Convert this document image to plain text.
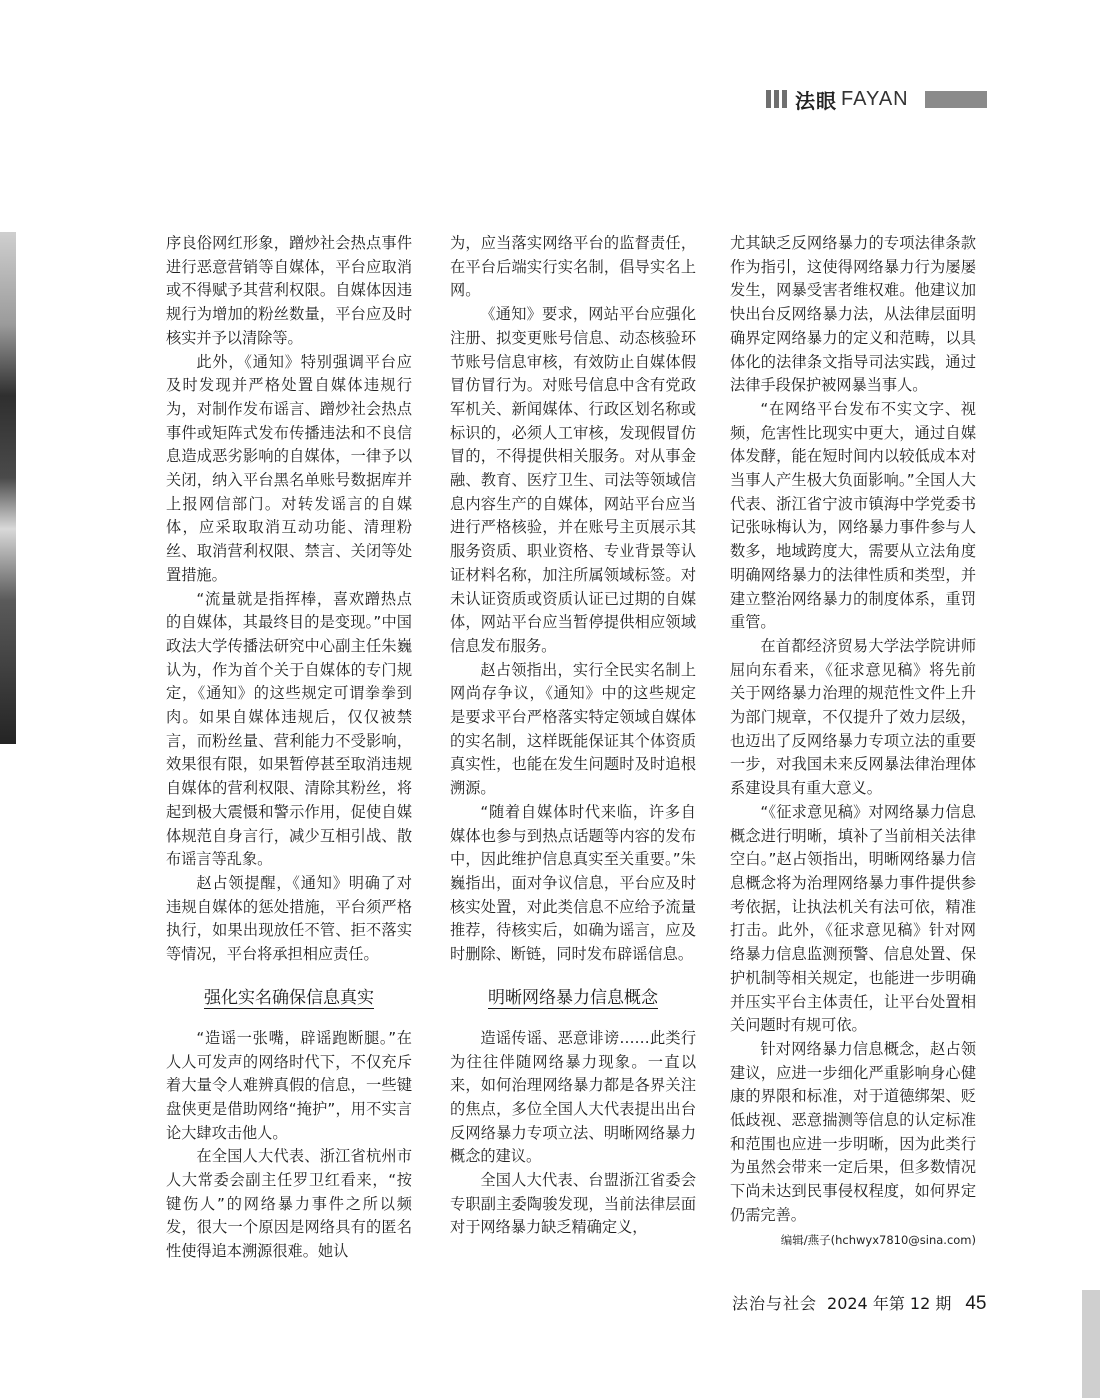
法眼 FAYAN

序良俗网红形象，蹭炒社会热点事件进行恶意营销等自媒体，平台应取消或不得赋予其营利权限。自媒体因违规行为增加的粉丝数量，平台应及时核实并予以清除等。

此外，《通知》特别强调平台应及时发现并严格处置自媒体违规行为，对制作发布谣言、蹭炒社会热点事件或矩阵式发布传播违法和不良信息造成恶劣影响的自媒体，一律予以关闭，纳入平台黑名单账号数据库并上报网信部门。对转发谣言的自媒体，应采取取消互动功能、清理粉丝、取消营利权限、禁言、关闭等处置措施。

“流量就是指挥棒，喜欢蹭热点的自媒体，其最终目的是变现。”中国政法大学传播法研究中心副主任朱巍认为，作为首个关于自媒体的专门规定，《通知》的这些规定可谓拳拳到肉。如果自媒体违规后，仅仅被禁言，而粉丝量、营利能力不受影响，效果很有限，如果暂停甚至取消违规自媒体的营利权限、清除其粉丝，将起到极大震慑和警示作用，促使自媒体规范自身言行，减少互相引战、散布谣言等乱象。

赵占领提醒，《通知》明确了对违规自媒体的惩处措施，平台须严格执行，如果出现放任不管、拒不落实等情况，平台将承担相应责任。

强化实名确保信息真实

“造谣一张嘴，辟谣跑断腿。”在人人可发声的网络时代下，不仅充斥着大量令人难辨真假的信息，一些键盘侠更是借助网络“掩护”，用不实言论大肆攻击他人。

在全国人大代表、浙江省杭州市人大常委会副主任罗卫红看来，“按键伤人”的网络暴力事件之所以频发，很大一个原因是网络具有的匿名性使得追本溯源很难。她认

为，应当落实网络平台的监督责任，在平台后端实行实名制，倡导实名上网。

《通知》要求，网站平台应强化注册、拟变更账号信息、动态核验环节账号信息审核，有效防止自媒体假冒仿冒行为。对账号信息中含有党政军机关、新闻媒体、行政区划名称或标识的，必须人工审核，发现假冒仿冒的，不得提供相关服务。对从事金融、教育、医疗卫生、司法等领域信息内容生产的自媒体，网站平台应当进行严格核验，并在账号主页展示其服务资质、职业资格、专业背景等认证材料名称，加注所属领域标签。对未认证资质或资质认证已过期的自媒体，网站平台应当暂停提供相应领域信息发布服务。

赵占领指出，实行全民实名制上网尚存争议，《通知》中的这些规定是要求平台严格落实特定领域自媒体的实名制，这样既能保证其个体资质真实性，也能在发生问题时及时追根溯源。

“随着自媒体时代来临，许多自媒体也参与到热点话题等内容的发布中，因此维护信息真实至关重要。”朱巍指出，面对争议信息，平台应及时核实处置，对此类信息不应给予流量推荐，待核实后，如确为谣言，应及时删除、断链，同时发布辟谣信息。

明晰网络暴力信息概念

造谣传谣、恶意诽谤……此类行为往往伴随网络暴力现象。一直以来，如何治理网络暴力都是各界关注的焦点，多位全国人大代表提出出台反网络暴力专项立法、明晰网络暴力概念的建议。

全国人大代表、台盟浙江省委会专职副主委陶骏发现，当前法律层面对于网络暴力缺乏精确定义，

尤其缺乏反网络暴力的专项法律条款作为指引，这使得网络暴力行为屡屡发生，网暴受害者维权难。他建议加快出台反网络暴力法，从法律层面明确界定网络暴力的定义和范畴，以具体化的法律条文指导司法实践，通过法律手段保护被网暴当事人。

“在网络平台发布不实文字、视频，危害性比现实中更大，通过自媒体发酵，能在短时间内以较低成本对当事人产生极大负面影响。”全国人大代表、浙江省宁波市镇海中学党委书记张咏梅认为，网络暴力事件参与人数多，地域跨度大，需要从立法角度明确网络暴力的法律性质和类型，并建立整治网络暴力的制度体系，重罚重管。

在首都经济贸易大学法学院讲师屈向东看来，《征求意见稿》将先前关于网络暴力治理的规范性文件上升为部门规章，不仅提升了效力层级，也迈出了反网络暴力专项立法的重要一步，对我国未来反网暴法律治理体系建设具有重大意义。

“《征求意见稿》对网络暴力信息概念进行明晰，填补了当前相关法律空白。”赵占领指出，明晰网络暴力信息概念将为治理网络暴力事件提供参考依据，让执法机关有法可依，精准打击。此外，《征求意见稿》针对网络暴力信息监测预警、信息处置、保护机制等相关规定，也能进一步明确并压实平台主体责任，让平台处置相关问题时有规可依。

针对网络暴力信息概念，赵占领建议，应进一步细化严重影响身心健康的界限和标准，对于道德绑架、贬低歧视、恶意揣测等信息的认定标准和范围也应进一步明晰，因为此类行为虽然会带来一定后果，但多数情况下尚未达到民事侵权程度，如何界定仍需完善。

编辑/燕子(hchwyx7810@sina.com)
法治与社会 2024 年第 12 期 45
